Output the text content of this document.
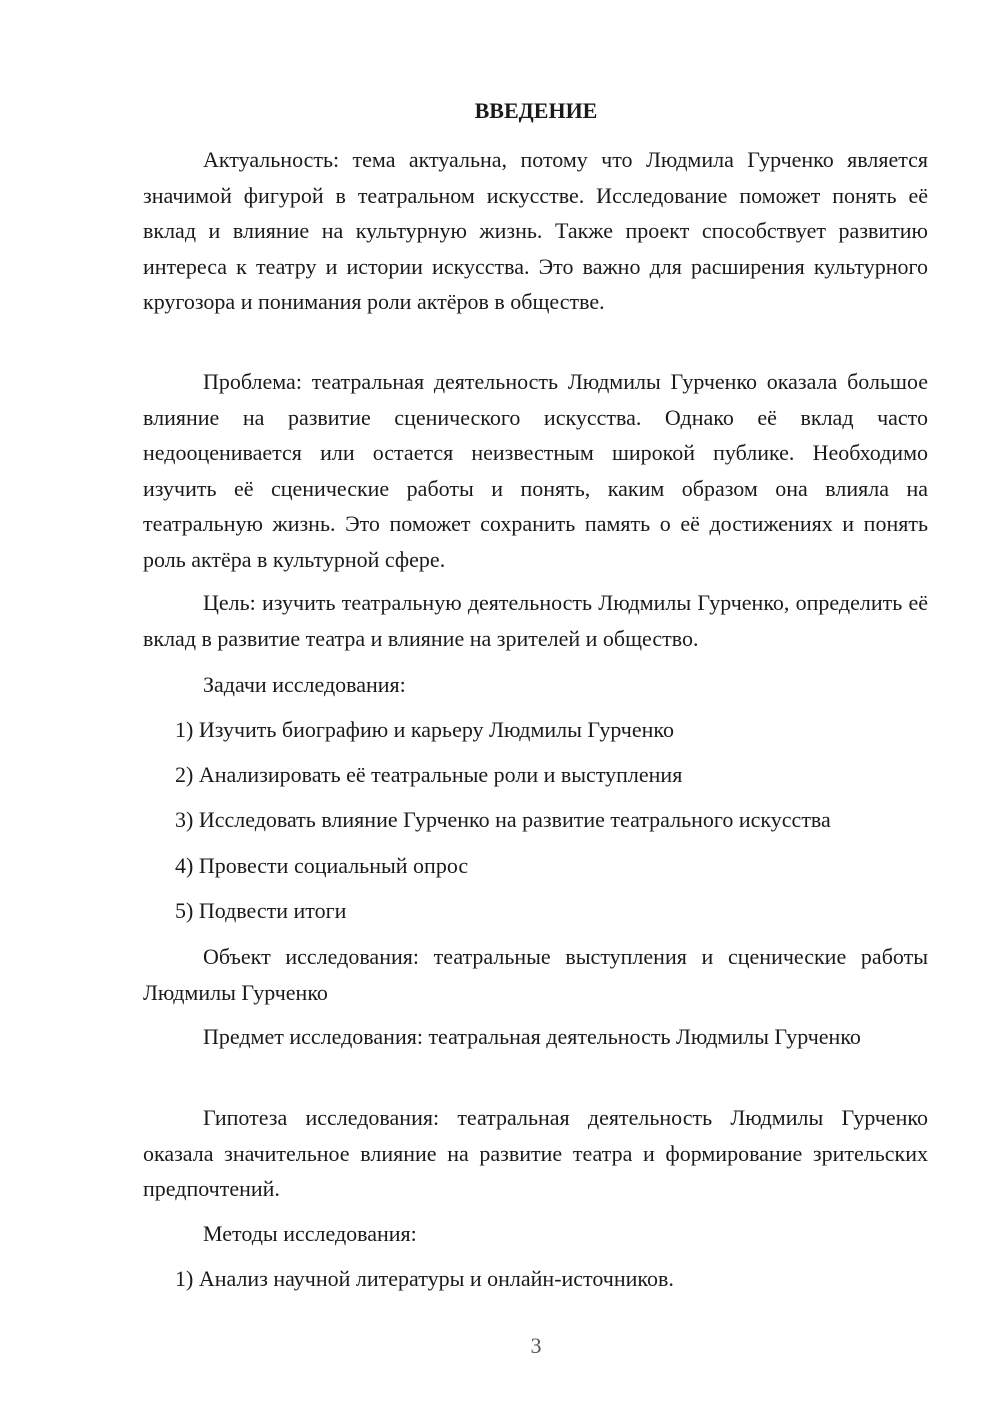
ВВЕДЕНИЕ

Актуальность: тема актуальна, потому что Людмила Гурченко является значимой фигурой в театральном искусстве. Исследование поможет понять её вклад и влияние на культурную жизнь. Также проект способствует развитию интереса к театру и истории искусства. Это важно для расширения культурного кругозора и понимания роли актёров в обществе.

Проблема: театральная деятельность Людмилы Гурченко оказала большое влияние на развитие сценического искусства. Однако её вклад часто недооценивается или остается неизвестным широкой публике. Необходимо изучить её сценические работы и понять, каким образом она влияла на театральную жизнь. Это поможет сохранить память о её достижениях и понять роль актёра в культурной сфере.

Цель: изучить театральную деятельность Людмилы Гурченко, определить её вклад в развитие театра и влияние на зрителей и общество.

Задачи исследования:

1) Изучить биографию и карьеру Людмилы Гурченко

2) Анализировать её театральные роли и выступления

3) Исследовать влияние Гурченко на развитие театрального искусства

4) Провести социальный опрос

5) Подвести итоги

Объект исследования: театральные выступления и сценические работы Людмилы Гурченко

Предмет исследования: театральная деятельность Людмилы Гурченко

Гипотеза исследования: театральная деятельность Людмилы Гурченко оказала значительное влияние на развитие театра и формирование зрительских предпочтений.

Методы исследования:

1) Анализ научной литературы и онлайн-источников.

3
